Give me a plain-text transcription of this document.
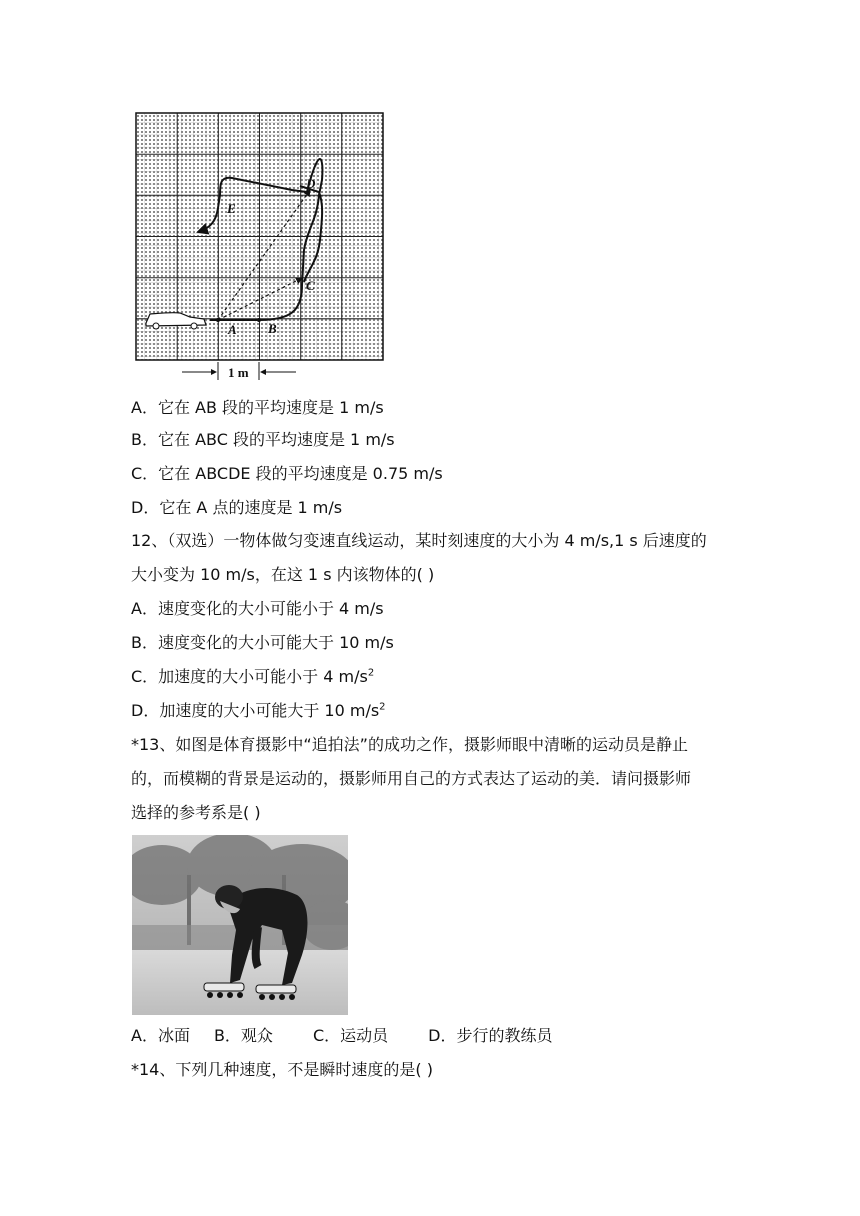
A B
C
D
E
1 m
A．它在 AB 段的平均速度是 1 m/s
B．它在 ABC 段的平均速度是 1 m/s
C．它在 ABCDE 段的平均速度是 0.75 m/s
D．它在 A 点的速度是 1 m/s
12、（双选）一物体做匀变速直线运动，某时刻速度的大小为 4 m/s,1 s 后速度的
大小变为 10 m/s，在这 1 s 内该物体的( )
A．速度变化的大小可能小于 4 m/s
B．速度变化的大小可能大于 10 m/s
C．加速度的大小可能小于 4 $m/s^2$
D．加速度的大小可能大于 10 $m/s^2$
*13、如图是体育摄影中“追拍法”的成功之作，摄影师眼中清晰的运动员是静止
的，而模糊的背景是运动的，摄影师用自己的方式表达了运动的美．请问摄影师
选择的参考系是( )
A．冰面 B．观众	C．运动员	D．步行的教练员
*14、下列几种速度，不是瞬时速度的是( )
